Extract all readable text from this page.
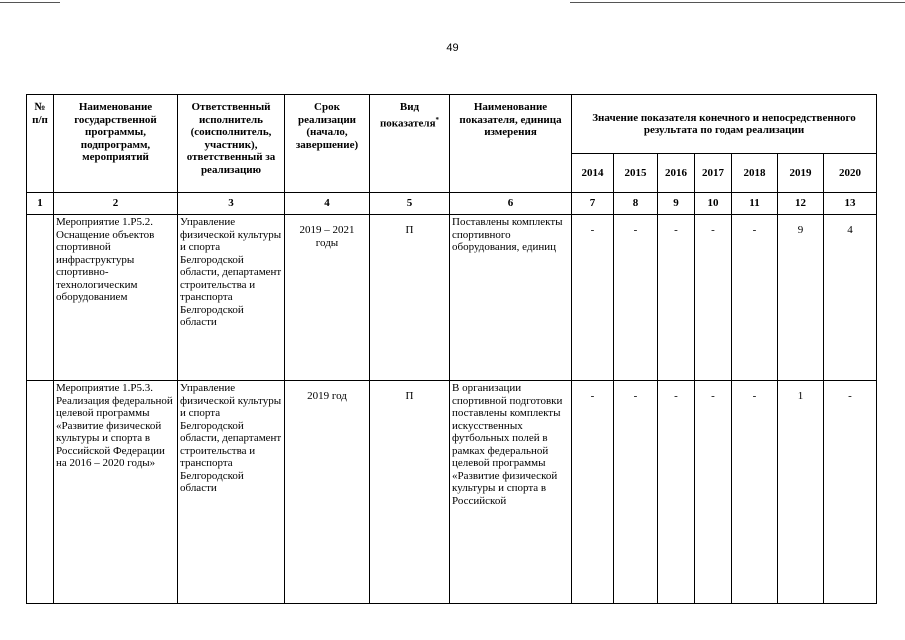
49
№ п/п	Наименование государственной программы, подпрограмм, мероприятий	Ответственный исполнитель (соисполнитель, участник), ответственный за реализацию	Срок реализации (начало, завершение)	Вид показателя*	Наименование показателя, единица измерения	Значение показателя конечного и непосредственного результата по годам реализации						
						2014	2015	2016	2017	2018	2019	2020
1	2	3	4	5	6	7	8	9	10	11	12	13
	Мероприятие 1.Р5.2. Оснащение объектов спортивной инфраструктуры спортивно-технологическим оборудованием	Управление физической культуры и спорта Белгородской области, департамент строительства и транспорта Белгородской области	2019 – 2021 годы	П	Поставлены комплекты спортивного оборудования, единиц	-	-	-	-	-	9	4
	Мероприятие 1.Р5.3. Реализация федеральной целевой программы «Развитие физической культуры и спорта в Российской Федерации на 2016 – 2020 годы»	Управление физической культуры и спорта Белгородской области, департамент строительства и транспорта Белгородской области	2019 год	П	В организации спортивной подготовки поставлены комплекты искусственных футбольных полей в рамках федеральной целевой программы «Развитие физической культуры и спорта в Российской	-	-	-	-	-	1	-
